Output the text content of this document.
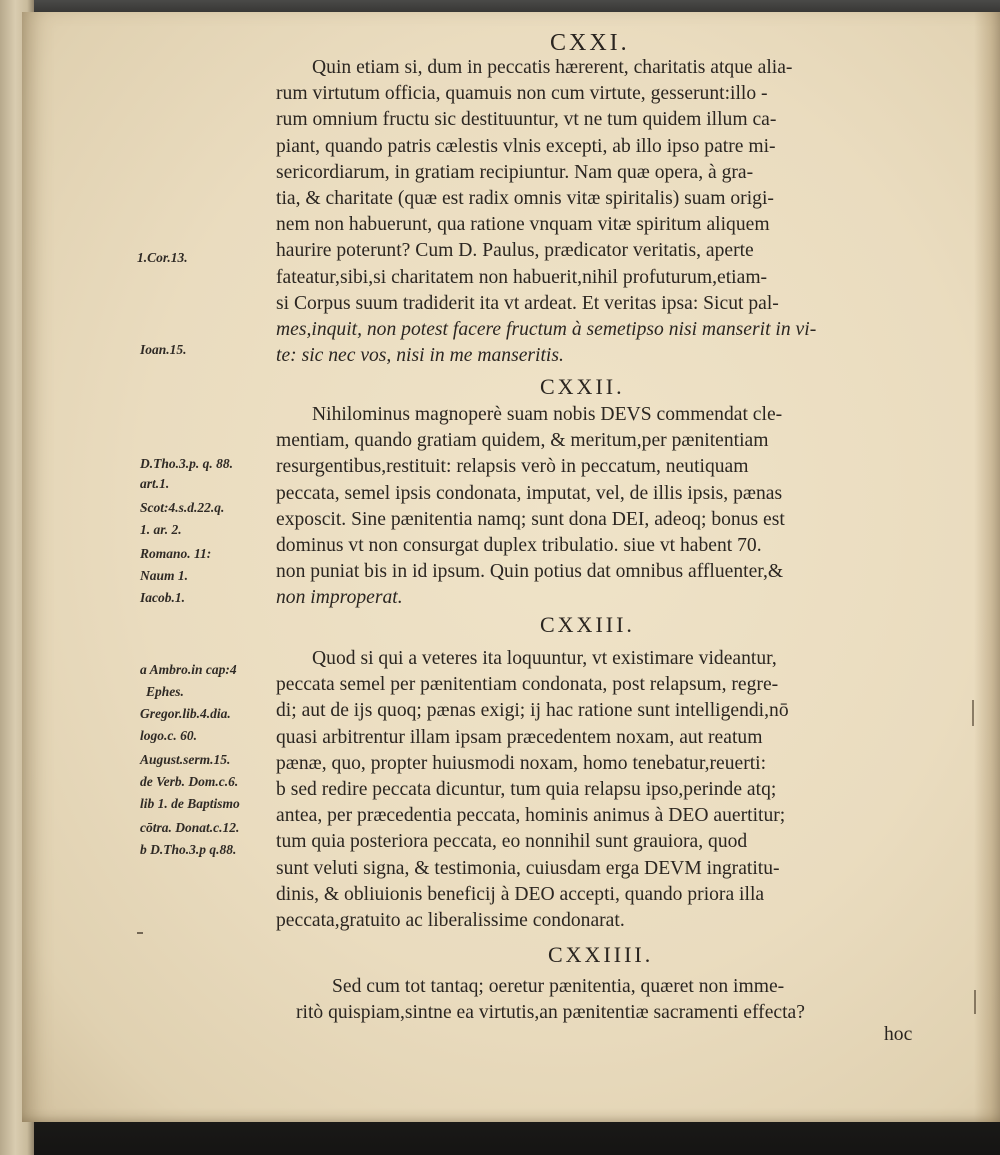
CXXI.
Quin etiam si, dum in peccatis hærerent, charitatis atque alia-
rum virtutum officia, quamuis non cum virtute, gesserunt:illo -
rum omnium fructu sic destituuntur, vt ne tum quidem illum ca-
piant, quando patris cælestis vlnis excepti, ab illo ipso patre mi-
sericordiarum, in gratiam recipiuntur. Nam quæ opera, à gra-
tia, & charitate (quæ est radix omnis vitæ spiritalis) suam origi-
nem non habuerunt, qua ratione vnquam vitæ spiritum aliquem
haurire poterunt? Cum D. Paulus, prædicator veritatis, aperte
fateatur,sibi,si charitatem non habuerit,nihil profuturum,etiam-
si Corpus suum tradiderit ita vt ardeat. Et veritas ipsa: Sicut pal-
mes,inquit, non potest facere fructum à semetipso nisi manserit in vi-
te: sic nec vos, nisi in me manseritis.
CXXII.
Nihilominus magnoperè suam nobis DEVS commendat cle-
mentiam, quando gratiam quidem, & meritum,per pænitentiam
resurgentibus,restituit: relapsis verò in peccatum, neutiquam
peccata, semel ipsis condonata, imputat, vel, de illis ipsis, pænas
exposcit. Sine pænitentia namq; sunt dona DEI, adeoq; bonus est
dominus vt non consurgat duplex tribulatio. siue vt habent 70.
non puniat bis in id ipsum. Quin potius dat omnibus affluenter,&
non improperat.
CXXIII.
Quod si qui a veteres ita loquuntur, vt existimare videantur,
peccata semel per pænitentiam condonata, post relapsum, regre-
di; aut de ijs quoq; pænas exigi; ij hac ratione sunt intelligendi,nō
quasi arbitrentur illam ipsam præcedentem noxam, aut reatum
pænæ, quo, propter huiusmodi noxam, homo tenebatur,reuerti:
b sed redire peccata dicuntur, tum quia relapsu ipso,perinde atq;
antea, per præcedentia peccata, hominis animus à DEO auertitur;
tum quia posteriora peccata, eo nonnihil sunt grauiora, quod
sunt veluti signa, & testimonia, cuiusdam erga DEVM ingratitu-
dinis, & obliuionis beneficij à DEO accepti, quando priora illa
peccata,gratuito ac liberalissime condonarat.
CXXIIII.
Sed cum tot tantaq; oeretur pænitentia, quæret non imme-
ritò quispiam,sintne ea virtutis,an pænitentiæ sacramenti effecta?
hoc
1.Cor.13.
Ioan.15.
D.Tho.3.p. q. 88.
art.1.
Scot:4.s.d.22.q.
1. ar. 2.
Romano. 11:
Naum 1.
Iacob.1.
a Ambro.in cap:4
Ephes.
Gregor.lib.4.dia.
logo.c. 60.
August.serm.15.
de Verb. Dom.c.6.
lib 1. de Baptismo
cōtra. Donat.c.12.
b D.Tho.3.p q.88.
